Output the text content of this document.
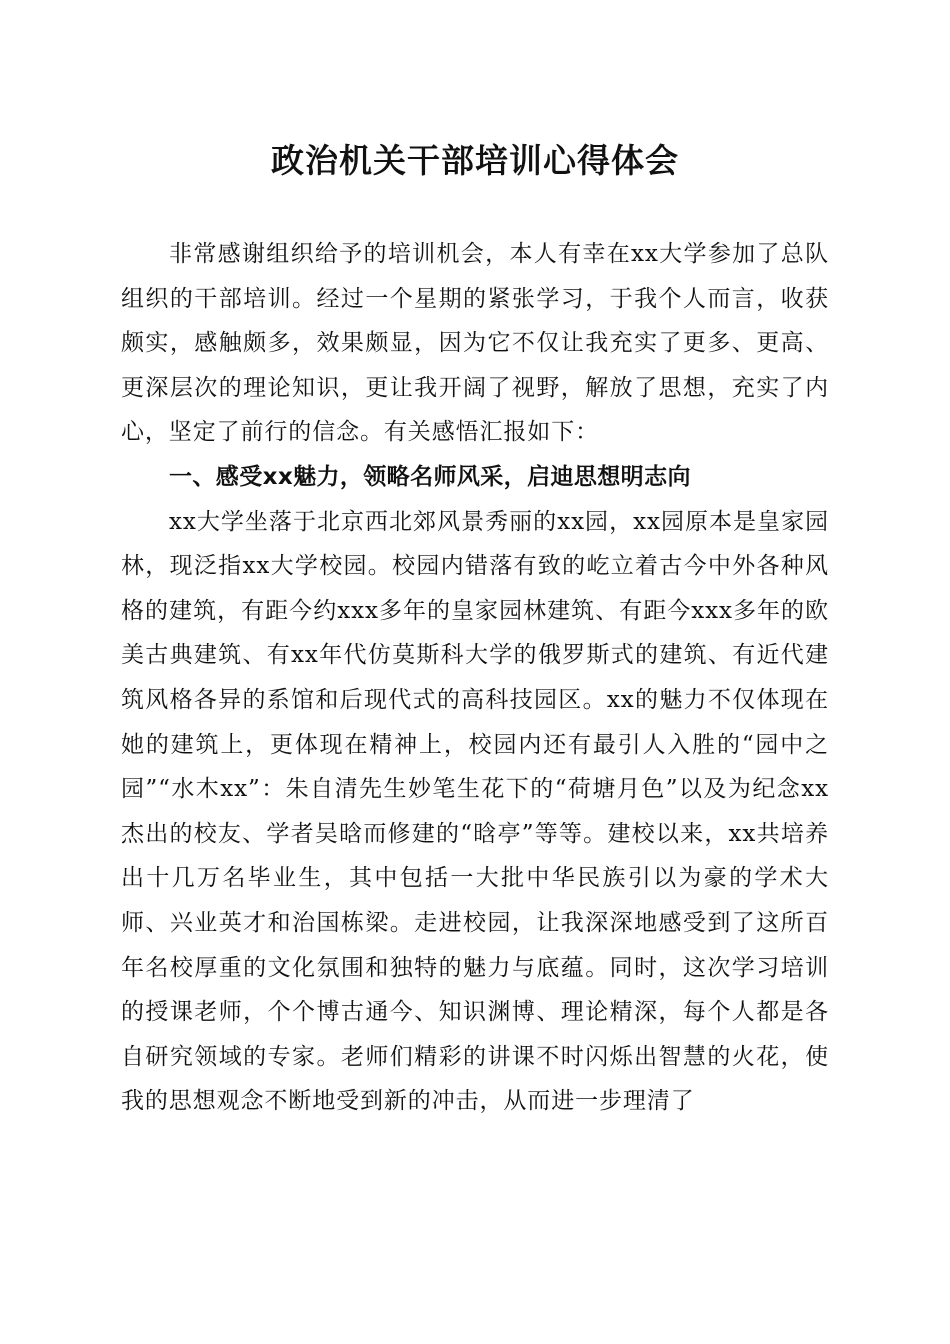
政治机关干部培训心得体会

非常感谢组织给予的培训机会，本人有幸在xx大学参加了总队组织的干部培训。经过一个星期的紧张学习，于我个人而言，收获颇实，感触颇多，效果颇显，因为它不仅让我充实了更多、更高、更深层次的理论知识，更让我开阔了视野，解放了思想，充实了内心，坚定了前行的信念。有关感悟汇报如下：

一、感受xx魅力，领略名师风采，启迪思想明志向

xx大学坐落于北京西北郊风景秀丽的xx园，xx园原本是皇家园林，现泛指xx大学校园。校园内错落有致的屹立着古今中外各种风格的建筑，有距今约xxx多年的皇家园林建筑、有距今xxx多年的欧美古典建筑、有xx年代仿莫斯科大学的俄罗斯式的建筑、有近代建筑风格各异的系馆和后现代式的高科技园区。xx的魅力不仅体现在她的建筑上，更体现在精神上，校园内还有最引人入胜的“园中之园”“水木xx”：朱自清先生妙笔生花下的“荷塘月色”以及为纪念xx杰出的校友、学者吴晗而修建的“晗亭”等等。建校以来，xx共培养出十几万名毕业生，其中包括一大批中华民族引以为豪的学术大师、兴业英才和治国栋梁。走进校园，让我深深地感受到了这所百年名校厚重的文化氛围和独特的魅力与底蕴。同时，这次学习培训的授课老师，个个博古通今、知识渊博、理论精深，每个人都是各自研究领域的专家。老师们精彩的讲课不时闪烁出智慧的火花，使我的思想观念不断地受到新的冲击，从而进一步理清了
